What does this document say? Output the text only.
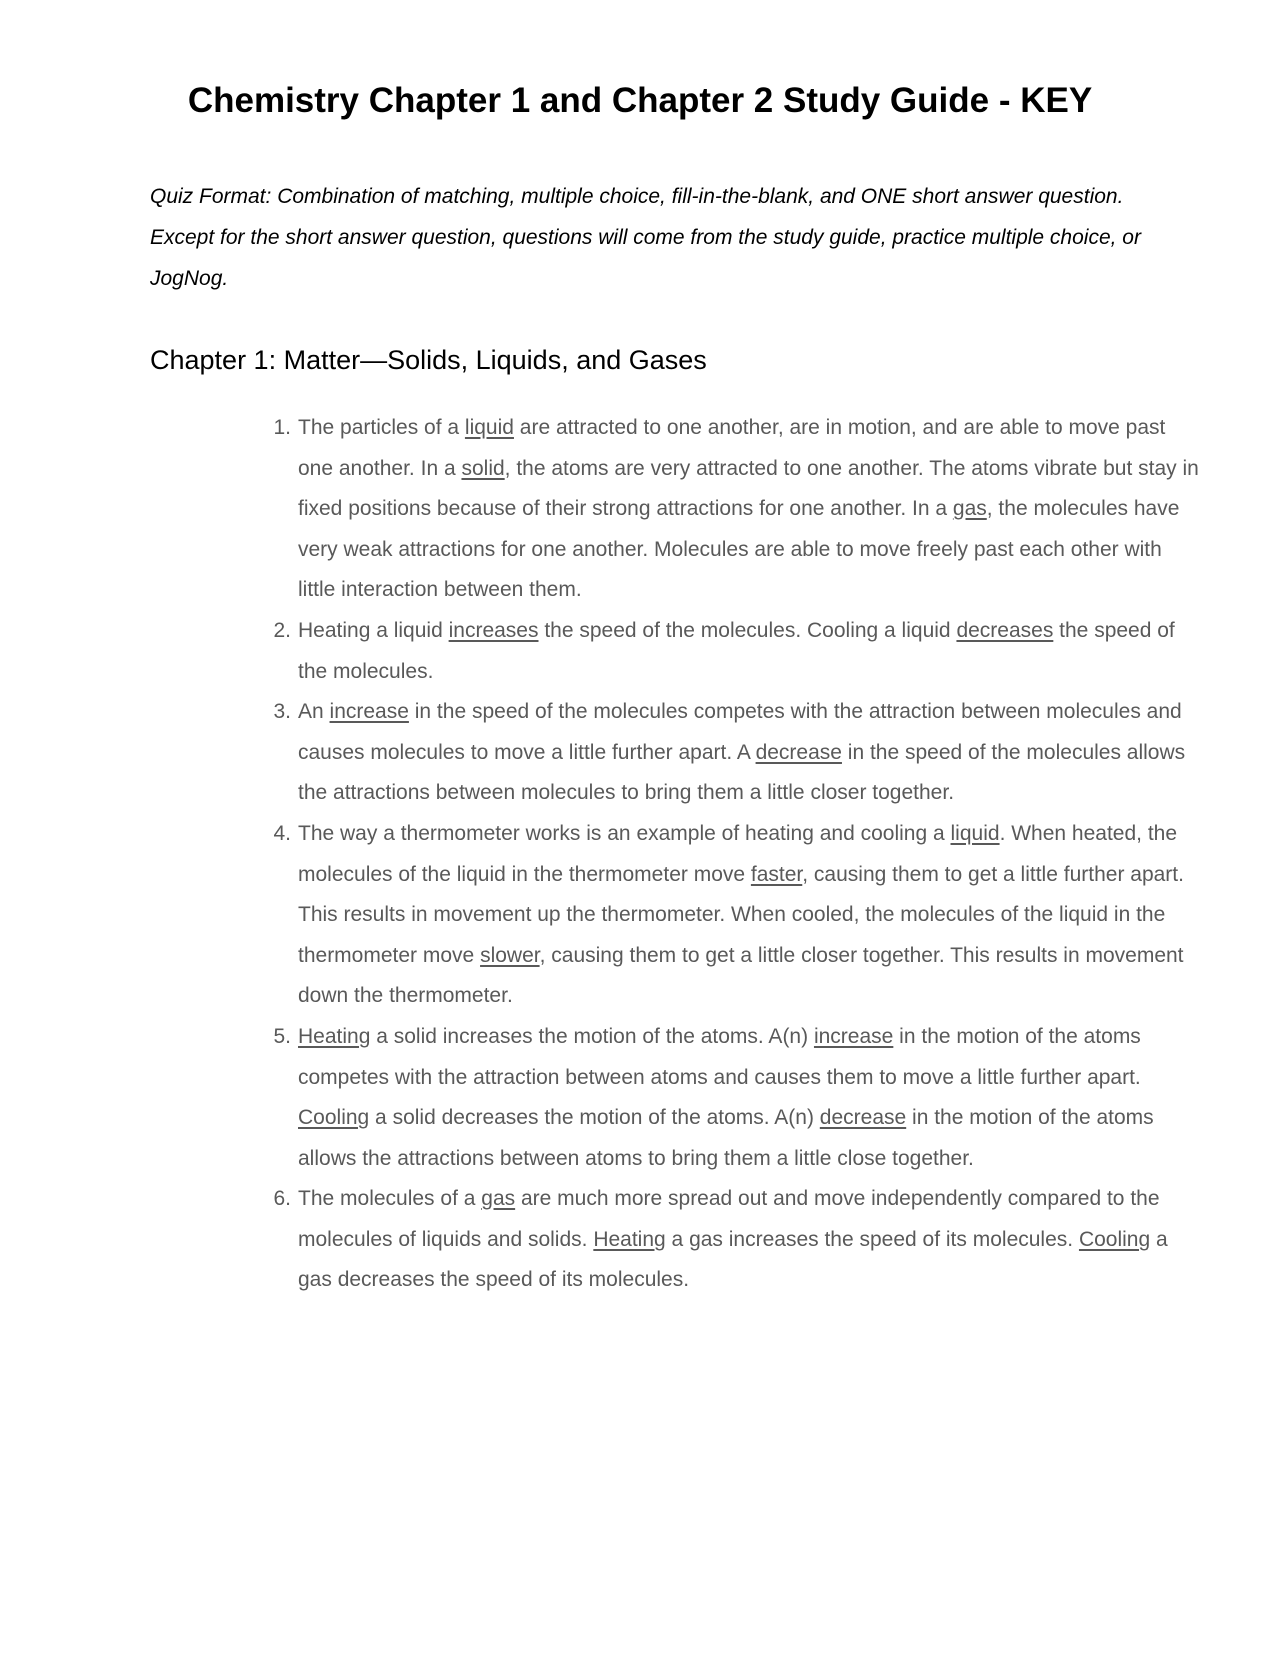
Chemistry Chapter 1 and Chapter 2 Study Guide - KEY

Quiz Format: Combination of matching, multiple choice, fill-in-the-blank, and ONE short answer question. Except for the short answer question, questions will come from the study guide, practice multiple choice, or JogNog.

Chapter 1: Matter—Solids, Liquids, and Gases
1. The particles of a liquid are attracted to one another, are in motion, and are able to move past one another. In a solid, the atoms are very attracted to one another. The atoms vibrate but stay in fixed positions because of their strong attractions for one another. In a gas, the molecules have very weak attractions for one another. Molecules are able to move freely past each other with little interaction between them.
2. Heating a liquid increases the speed of the molecules. Cooling a liquid decreases the speed of the molecules.
3. An increase in the speed of the molecules competes with the attraction between molecules and causes molecules to move a little further apart. A decrease in the speed of the molecules allows the attractions between molecules to bring them a little closer together.
4. The way a thermometer works is an example of heating and cooling a liquid. When heated, the molecules of the liquid in the thermometer move faster, causing them to get a little further apart. This results in movement up the thermometer. When cooled, the molecules of the liquid in the thermometer move slower, causing them to get a little closer together. This results in movement down the thermometer.
5. Heating a solid increases the motion of the atoms. A(n) increase in the motion of the atoms competes with the attraction between atoms and causes them to move a little further apart. Cooling a solid decreases the motion of the atoms. A(n) decrease in the motion of the atoms allows the attractions between atoms to bring them a little close together.
6. The molecules of a gas are much more spread out and move independently compared to the molecules of liquids and solids. Heating a gas increases the speed of its molecules. Cooling a gas decreases the speed of its molecules.
